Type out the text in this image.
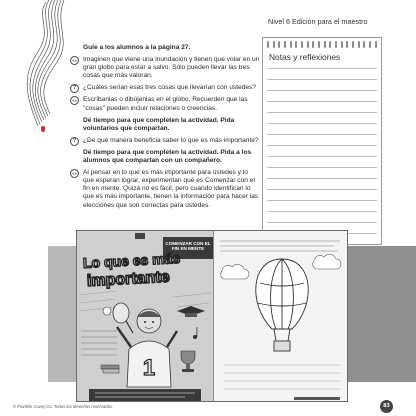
Nivel 6 Edición para el maestro
Notas y reflexiones
Guíe a los alumnos a la página 27.
«» Imaginen que viene una inundación y tienen que volar en un gran globo para estar a salvo. Sólo pueden llevar las tres cosas que más valoran.
?	¿Cuáles serían esas tres cosas que llevarían con ustedes?
«» Escríbanlas o dibújenlas en el globo. Recuerden que las "cosas" pueden incluir relaciones o creencias.
Dé tiempo para que completen la actividad. Pida voluntarios que compartan.
?	¿De qué manera beneficia saber lo que es más importante?
Dé tiempo para que completen la actividad. Pida a los alumnos que compartan con un compañero.
«» Al pensar en lo que es más importante para ustedes y lo que esperan lograr, experimentan qué es Comenzar con el fin en mente. Quizá no es fácil, pero cuando identifican lo que es más importante, tienen la información para hacer las elecciones que son correctas para ustedes.
1

COMENZAR CON EL FIN EN MENTE
Lo que es más
importante
© Franklin Covey Co. Todos los derechos reservados.	83
